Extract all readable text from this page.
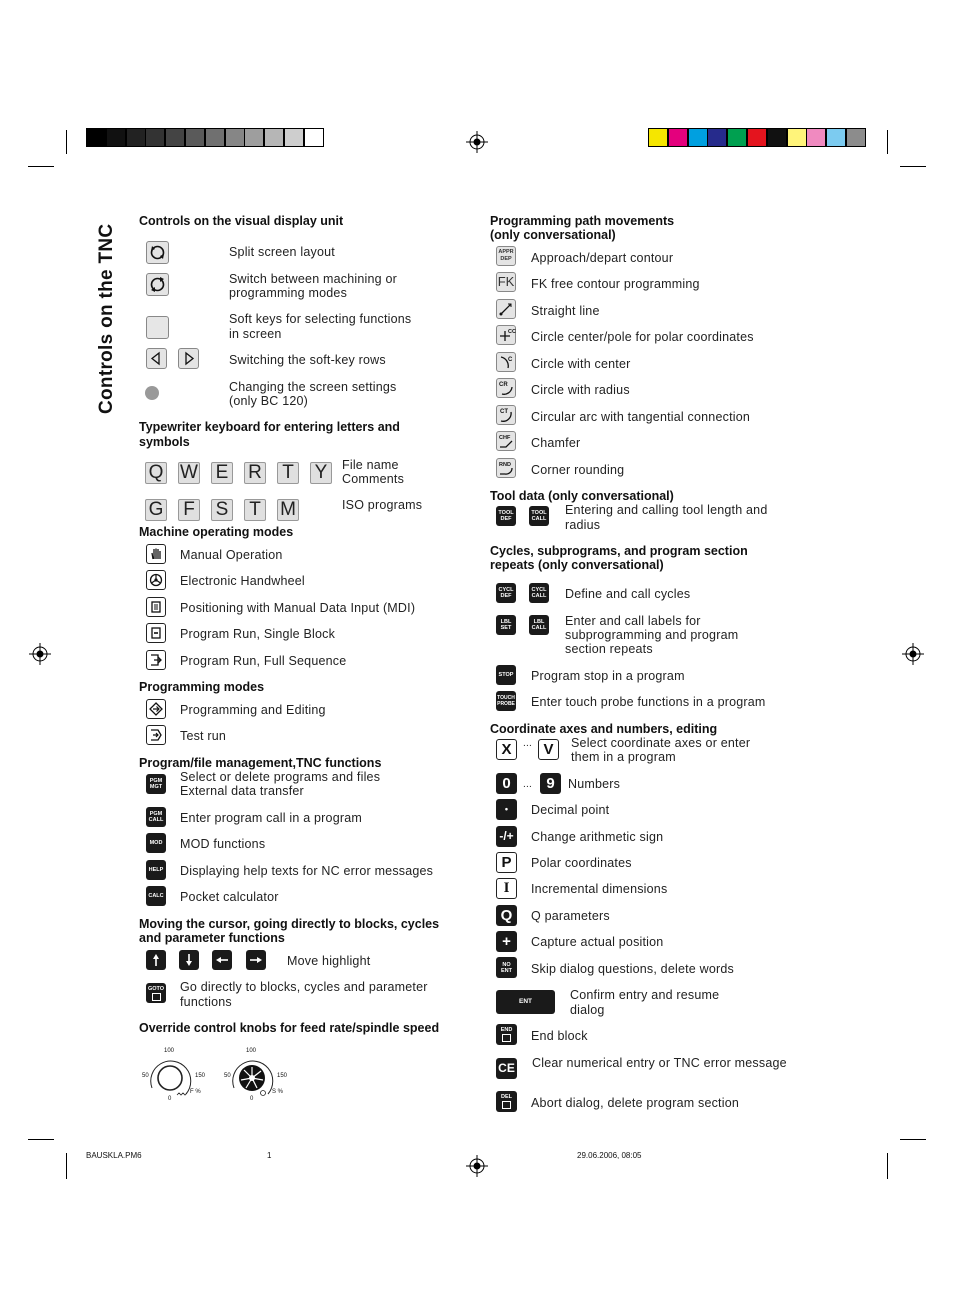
Controls on the TNC
Controls on the visual display unit
Split screen layout
Switch between machining or
programming modes
Soft keys for selecting functions
in screen
Switching the soft-key rows
Changing the screen settings
(only BC 120)
Typewriter keyboard for entering letters and
symbols
Q W E R T Y	File name
Comments
G F S T M	ISO programs
Machine operating modes
Manual Operation
Electronic Handwheel
Positioning with Manual Data Input (MDI)
Program Run, Single Block
Program Run, Full Sequence
Programming modes
Programming and Editing
Test run
Program/file management,TNC functions
PGM
MGT
Select or delete programs and files
External data transfer
PGM
CALL Enter program call in a program
MOD MOD functions
HELP Displaying help texts for NC error messages
CALC Pocket calculator
Moving the cursor, going directly to blocks, cycles
and parameter functions
Move highlight
GOTO Go directly to blocks, cycles and parameter
functions
Override control knobs for feed rate/spindle speed
100
50	150
0
F %
100
50	150
0
S %
Programming path movements
(only conversational)
APPR
DEP	Approach/depart contour
FK FK free contour programming
Straight line
CC Circle center/pole for polar coordinates
C Circle with center
CR Circle with radius
CT Circular arc with tangential connection
CHF Chamfer
RND Corner rounding
Tool data (only conversational)
TOOL
DEF
TOOL
CALL
Entering and calling tool length and
radius
Cycles, subprograms, and program section
repeats (only conversational)
CYCL
DEF
CYCL
CALL Define and call cycles
LBL
SET
LBL
CALL Enter and call labels for
subprogramming and program
section repeats
STOP Program stop in a program
TOUCH
PROBE Enter touch probe functions in a program
Coordinate axes and numbers, editing
X	... V	Select coordinate axes or enter
them in a program
0	... 9	Numbers
•	Decimal point
-/+ Change arithmetic sign
P	Polar coordinates
I	Incremental dimensions
Q	Q parameters
+	Capture actual position
NO
ENT Skip dialog questions, delete words
ENT	Confirm entry and resume
dialog
END End block
CE Clear numerical entry or TNC error message
DEL Abort dialog, delete program section
BAUSKLA.PM6	1	29.06.2006, 08:05
